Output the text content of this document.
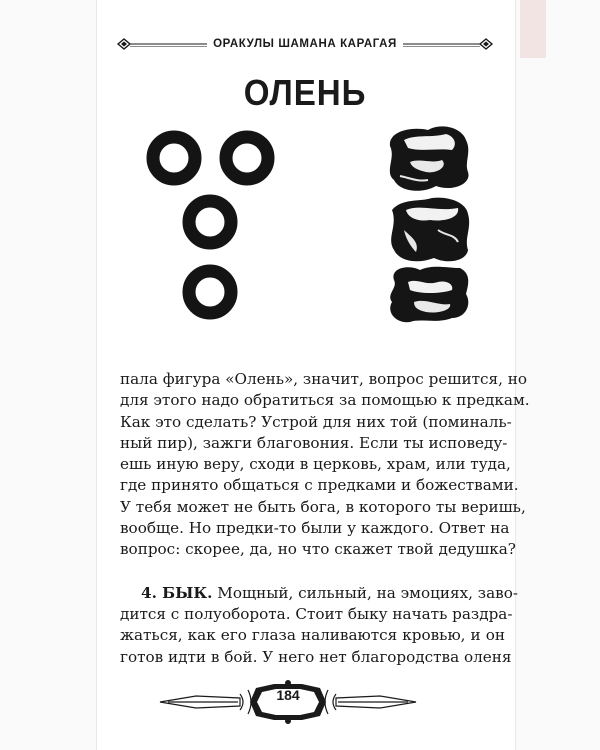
ОРАКУЛЫ ШАМАНА КАРАГАЯ
ОЛЕНЬ
пала фигура «Олень», значит, вопрос решится, но
для этого надо обратиться за помощью к предкам.
Как это сделать? Устрой для них той (поминаль-
ный пир), зажги благовония. Если ты исповеду-
ешь иную веру, сходи в церковь, храм, или туда,
где принято общаться с предками и божествами.
У тебя может не быть бога, в которого ты веришь,
вообще. Но предки-то были у каждого. Ответ на
вопрос: скорее, да, но что скажет твой дедушка?
4. БЫК. Мощный, сильный, на эмоциях, заво-
дится с полуоборота. Стоит быку начать раздра-
жаться, как его глаза наливаются кровью, и он
готов идти в бой. У него нет благородства оленя
184
